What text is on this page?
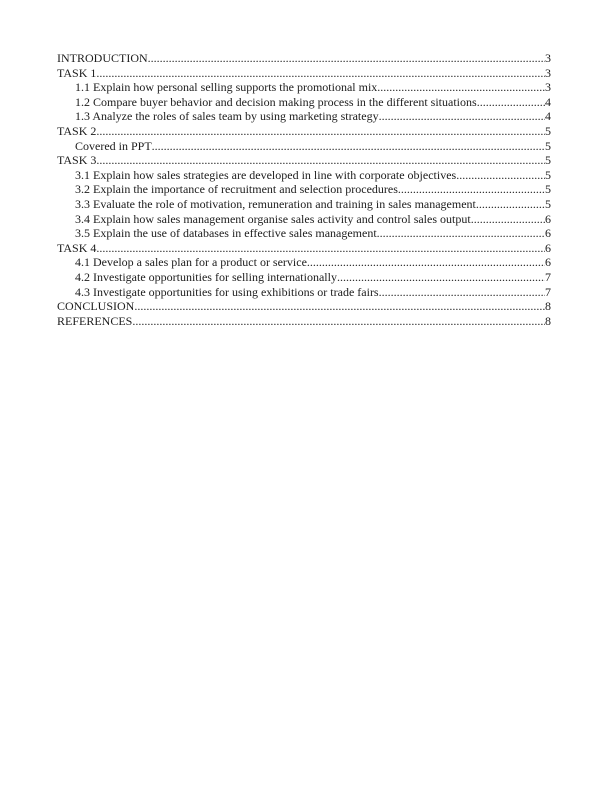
INTRODUCTION .....	3
TASK 1 .....	3
1.1 Explain how personal selling supports the promotional mix .....	3
1.2 Compare buyer behavior and decision making process in the different situations .....	4
1.3 Analyze the roles of sales team by using marketing strategy .....	4
TASK 2 .....	5
Covered in PPT .....	5
TASK 3 .....	5
3.1 Explain how sales strategies are developed in line with corporate objectives .....	5
3.2 Explain the importance of recruitment and selection procedures .....	5
3.3 Evaluate the role of motivation, remuneration and training in sales management .....	5
3.4 Explain how sales management organise sales activity and control sales output .....	6
3.5 Explain the use of databases in effective sales management .....	6
TASK 4 .....	6
4.1 Develop a sales plan for a product or service .....	6
4.2 Investigate opportunities for selling internationally .....	7
4.3 Investigate opportunities for using exhibitions or trade fairs .....	7
CONCLUSION .....	8
REFERENCES .....	8
